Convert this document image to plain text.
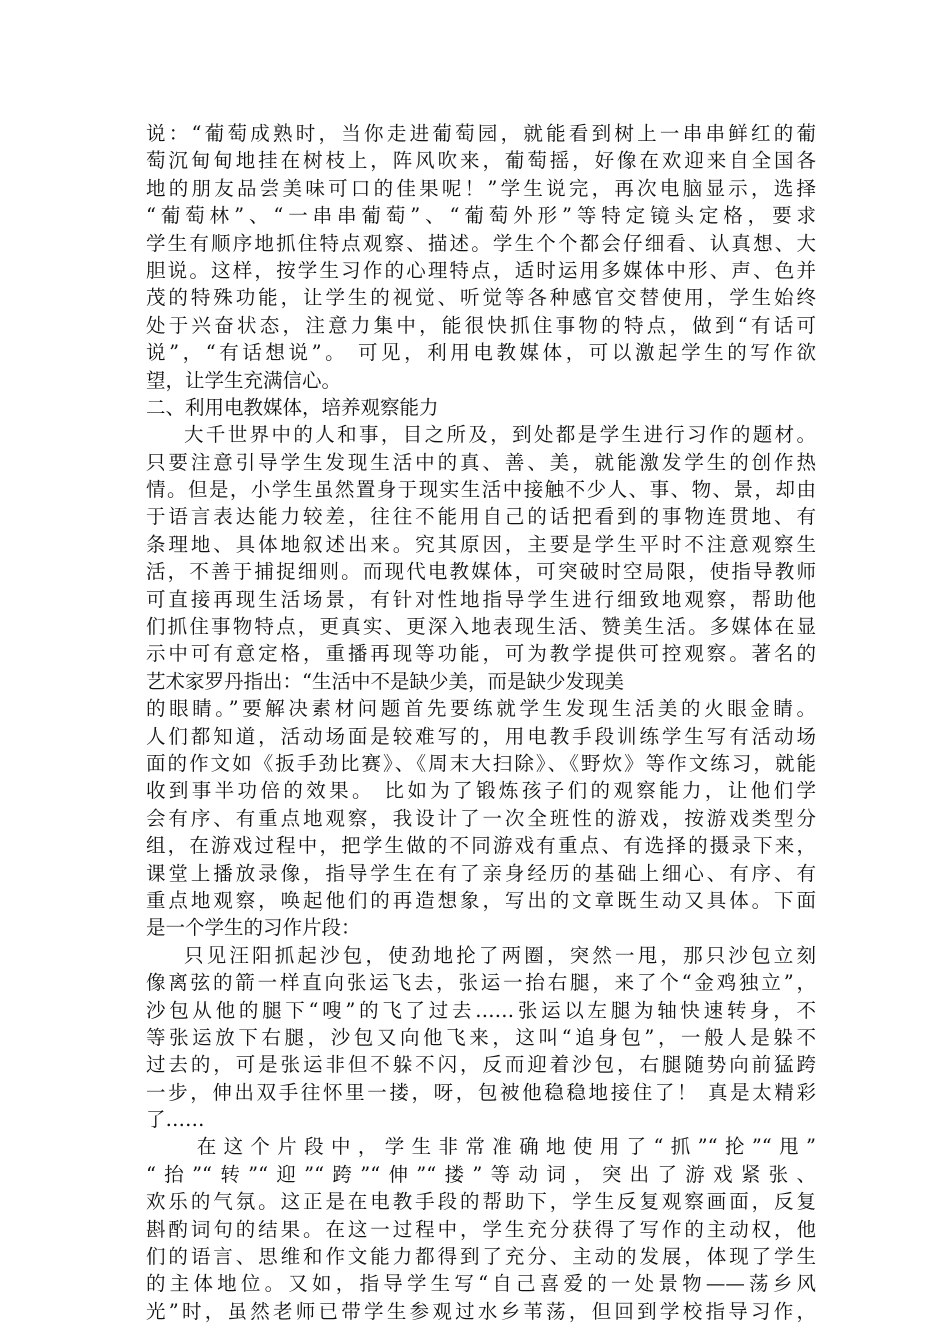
说：“葡萄成熟时，当你走进葡萄园，就能看到树上一串串鲜红的葡
萄沉甸甸地挂在树枝上，阵风吹来，葡萄摇，好像在欢迎来自全国各
地的朋友品尝美味可口的佳果呢！”学生说完，再次电脑显示，选择
“葡萄林”、“一串串葡萄”、“葡萄外形”等特定镜头定格，要求
学生有顺序地抓住特点观察、描述。学生个个都会仔细看、认真想、大
胆说。这样，按学生习作的心理特点，适时运用多媒体中形、声、色并
茂的特殊功能，让学生的视觉、听觉等各种感官交替使用，学生始终
处于兴奋状态，注意力集中，能很快抓住事物的特点，做到“有话可
说”，“有话想说”。 可见，利用电教媒体，可以激起学生的写作欲
望，让学生充满信心。
二、利用电教媒体，培养观察能力
大千世界中的人和事，目之所及，到处都是学生进行习作的题材。
只要注意引导学生发现生活中的真、善、美，就能激发学生的创作热
情。但是，小学生虽然置身于现实生活中接触不少人、事、物、景，却由
于语言表达能力较差，往往不能用自己的话把看到的事物连贯地、有
条理地、具体地叙述出来。究其原因，主要是学生平时不注意观察生
活，不善于捕捉细则。而现代电教媒体，可突破时空局限，使指导教师
可直接再现生活场景，有针对性地指导学生进行细致地观察，帮助他
们抓住事物特点，更真实、更深入地表现生活、赞美生活。多媒体在显
示中可有意定格，重播再现等功能，可为教学提供可控观察。著名的
艺术家罗丹指出：“生活中不是缺少美，而是缺少发现美
的眼睛。”要解决素材问题首先要练就学生发现生活美的火眼金睛。
人们都知道，活动场面是较难写的，用电教手段训练学生写有活动场
面的作文如《扳手劲比赛》、《周末大扫除》、《野炊》等作文练习，就能
收到事半功倍的效果。 比如为了锻炼孩子们的观察能力，让他们学
会有序、有重点地观察，我设计了一次全班性的游戏，按游戏类型分
组，在游戏过程中，把学生做的不同游戏有重点、有选择的摄录下来，
课堂上播放录像，指导学生在有了亲身经历的基础上细心、有序、有
重点地观察，唤起他们的再造想象，写出的文章既生动又具体。下面
是一个学生的习作片段：
只见汪阳抓起沙包，使劲地抡了两圈，突然一甩，那只沙包立刻
像离弦的箭一样直向张运飞去，张运一抬右腿，来了个“金鸡独立”，
沙包从他的腿下“嗖”的飞了过去……张运以左腿为轴快速转身，不
等张运放下右腿，沙包又向他飞来，这叫“追身包”，一般人是躲不
过去的，可是张运非但不躲不闪，反而迎着沙包，右腿随势向前猛跨
一步，伸出双手往怀里一搂，呀，包被他稳稳地接住了！ 真是太精彩
了……
在这个片段中，学生非常准确地使用了“抓”“抡”“甩”
“抬”“转”“迎”“跨”“伸”“搂”等动词，突出了游戏紧张、
欢乐的气氛。这正是在电教手段的帮助下，学生反复观察画面，反复
斟酌词句的结果。在这一过程中，学生充分获得了写作的主动权，他
们的语言、思维和作文能力都得到了充分、主动的发展，体现了学生
的主体地位。又如，指导学生写“自己喜爱的一处景物——荡乡风
光”时，虽然老师已带学生参观过水乡苇荡，但回到学校指导习作，
